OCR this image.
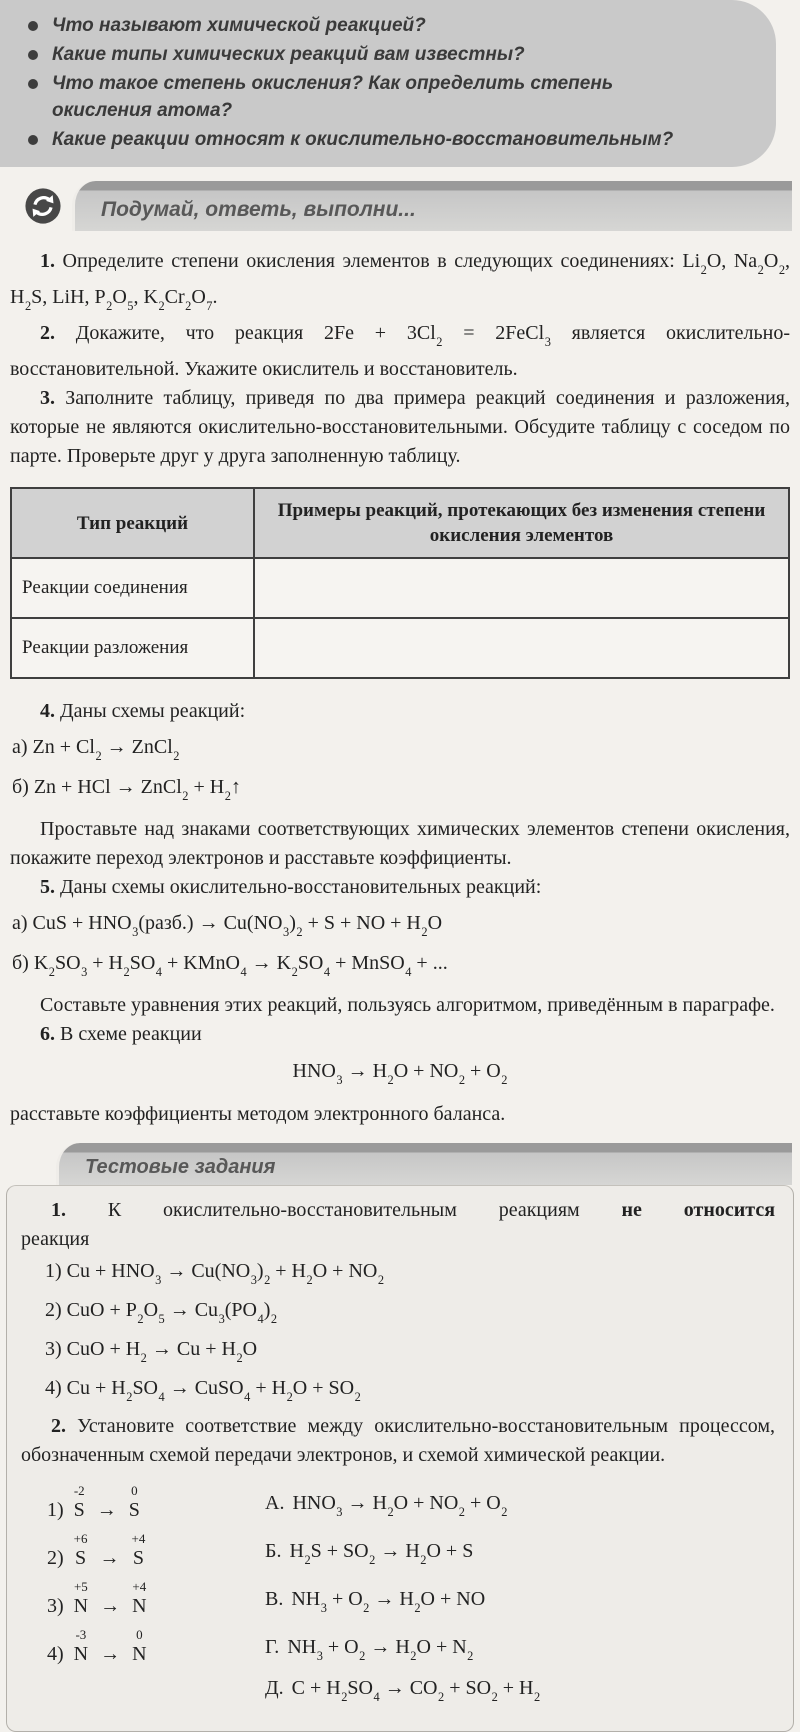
Что называют химической реакцией?
Какие типы химических реакций вам известны?
Что такое степень окисления? Как определить степень окисления атома?
Какие реакции относят к окислительно-восстановительным?
Подумай, ответь, выполни...

1. Определите степени окисления элементов в следующих соединениях: $Li_2O$, $Na_2O_2$, $H_2S$, LiH, $P_2O_5$, $K_2Cr_2O_7$.

2. Докажите, что реакция $2Fe + 3Cl_2$ = 2FeCl$_3$ является окислительно-восстановительной. Укажите окислитель и восстановитель.

3. Заполните таблицу, приведя по два примера реакций соединения и разложения, которые не являются окислительно-восстановительными. Обсудите таблицу с соседом по парте. Проверьте друг у друга заполненную таблицу.

Тип реакций	Примеры реакций, протекающих без изменения степени окисления элементов
Реакции соединения	
Реакции разложения	

4. Даны схемы реакций:

а) $Zn + Cl_2$ → ZnCl$_2$
б) Zn + HCl → ZnCl$_2$ + $H_2↑$

Проставьте над знаками соответствующих химических элементов степени окисления, покажите переход электронов и расставьте коэффициенты.

5. Даны схемы окислительно-восстановительных реакций:

а) CuS + $HNO_3(разб.) \to Cu(NO_3)_2 + S$ + NO + $H_2O$
б) $K_2SO_3 + H_2SO_4$ + KMnO$_4$ → $K_2SO_4$ + MnSO$_4$ + ...

Составьте уравнения этих реакций, пользуясь алгоритмом, приведённым в параграфе.

6. В схеме реакции

$HNO_3 \to H_2O + NO_2 + O_2$

расставьте коэффициенты методом электронного баланса.

Тестовые задания

1. К окислительно-восстановительным реакциям не относится
реакция

1) $Cu + HNO_3 \to Cu(NO_3)_2 + H_2O + NO_2$
2) CuO + $P_2O_5 \to Cu_3(PO_4)_2$
3) CuO + $H_2 \to Cu + H_2O$
4) $Cu + H_2SO_4$ → CuSO$_4$ + $H_2O + SO_2$

2. Установите соответствие между окислительно-восстановительным процессом, обозначенным схемой передачи электронов, и схемой химической реакции.

1)
-2
S →
0
S	А. $HNO_3 \to H_2O + NO_2 + O_2$
2)
+6
S →
+4
S	Б. $H_2S + SO_2 \to H_2O + S$
3)
+5
N →
+4
N	В. $NH_3 + O_2 \to H_2O$ + NO
4)
-3
N →
0
N	Г. $NH_3 + O_2 \to H_2O + N_2$
Д. $C + H_2SO_4 \to CO_2 + SO_2 + H_2$
